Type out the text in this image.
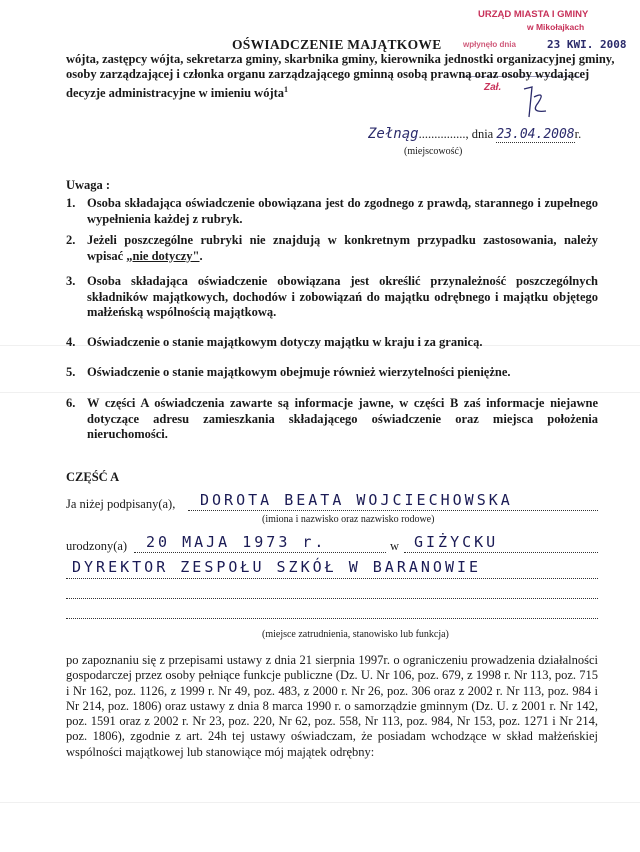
URZĄD MIASTA I GMINY
w Mikołajkach
wpłynęło dnia	23 KWI. 2008
Zał.
OŚWIADCZENIE MAJĄTKOWE
wójta, zastępcy wójta, sekretarza gminy, skarbnika gminy, kierownika jednostki organizacyjnej gminy, osoby zarządzającej i członka organu zarządzającego gminną osobą prawną oraz osoby wydającej decyzje administracyjne w imieniu wójta$^1$
Zełnąg..............., dnia 23.04.2008r.
(miejscowość)
Uwaga :
1. Osoba składająca oświadczenie obowiązana jest do zgodnego z prawdą, starannego i zupełnego wypełnienia każdej z rubryk.
2. Jeżeli poszczególne rubryki nie znajdują w konkretnym przypadku zastosowania, należy wpisać „nie dotyczy".
3. Osoba składająca oświadczenie obowiązana jest określić przynależność poszczególnych składników majątkowych, dochodów i zobowiązań do majątku odrębnego i majątku objętego małżeńską wspólnością majątkową.
4. Oświadczenie o stanie majątkowym dotyczy majątku w kraju i za granicą.
5. Oświadczenie o stanie majątkowym obejmuje również wierzytelności pieniężne.
6. W części A oświadczenia zawarte są informacje jawne, w części B zaś informacje niejawne dotyczące adresu zamieszkania składającego oświadczenie oraz miejsca położenia nieruchomości.
CZĘŚĆ A
Ja niżej podpisany(a), DOROTA BEATA WOJCIECHOWSKA
(imiona i nazwisko oraz nazwisko rodowe)
urodzony(a) 20 MAJA 1973 r.	w GIŻYCKU
DYREKTOR ZESPOŁU SZKÓŁ W BARANOWIE
(miejsce zatrudnienia, stanowisko lub funkcja)
po zapoznaniu się z przepisami ustawy z dnia 21 sierpnia 1997r. o ograniczeniu prowadzenia działalności gospodarczej przez osoby pełniące funkcje publiczne (Dz. U. Nr 106, poz. 679, z 1998 r. Nr 113, poz. 715 i Nr 162, poz. 1126, z 1999 r. Nr 49, poz. 483, z 2000 r. Nr 26, poz. 306 oraz z 2002 r. Nr 113, poz. 984 i Nr 214, poz. 1806) oraz ustawy z dnia 8 marca 1990 r. o samorządzie gminnym (Dz. U. z 2001 r. Nr 142, poz. 1591 oraz z 2002 r. Nr 23, poz. 220, Nr 62, poz. 558, Nr 113, poz. 984, Nr 153, poz. 1271 i Nr 214, poz. 1806), zgodnie z art. 24h tej ustawy oświadczam, że posiadam wchodzące w skład małżeńskiej wspólności majątkowej lub stanowiące mój majątek odrębny:
